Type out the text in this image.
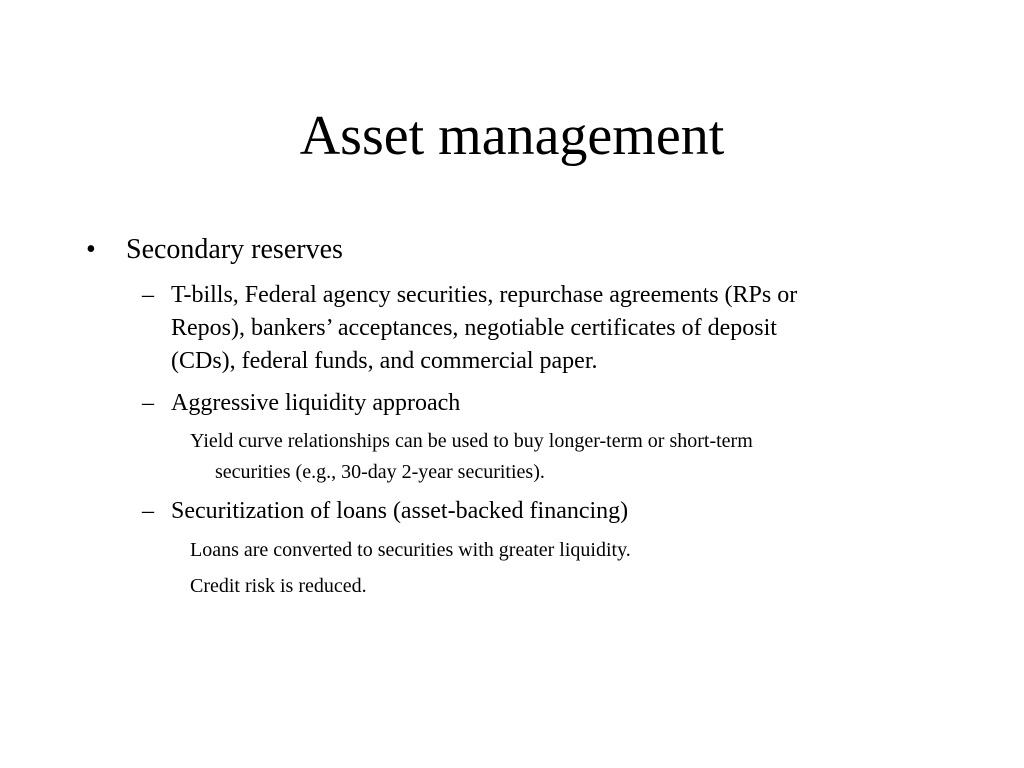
Asset management
• Secondary reserves
– T-bills, Federal agency securities, repurchase agreements (RPs or
Repos), bankers’ acceptances, negotiable certificates of deposit
(CDs), federal funds, and commercial paper.
– Aggressive liquidity approach
Yield curve relationships can be used to buy longer-term or short-term
securities (e.g., 30-day 2-year securities).
– Securitization of loans (asset-backed financing)
Loans are converted to securities with greater liquidity.
Credit risk is reduced.
